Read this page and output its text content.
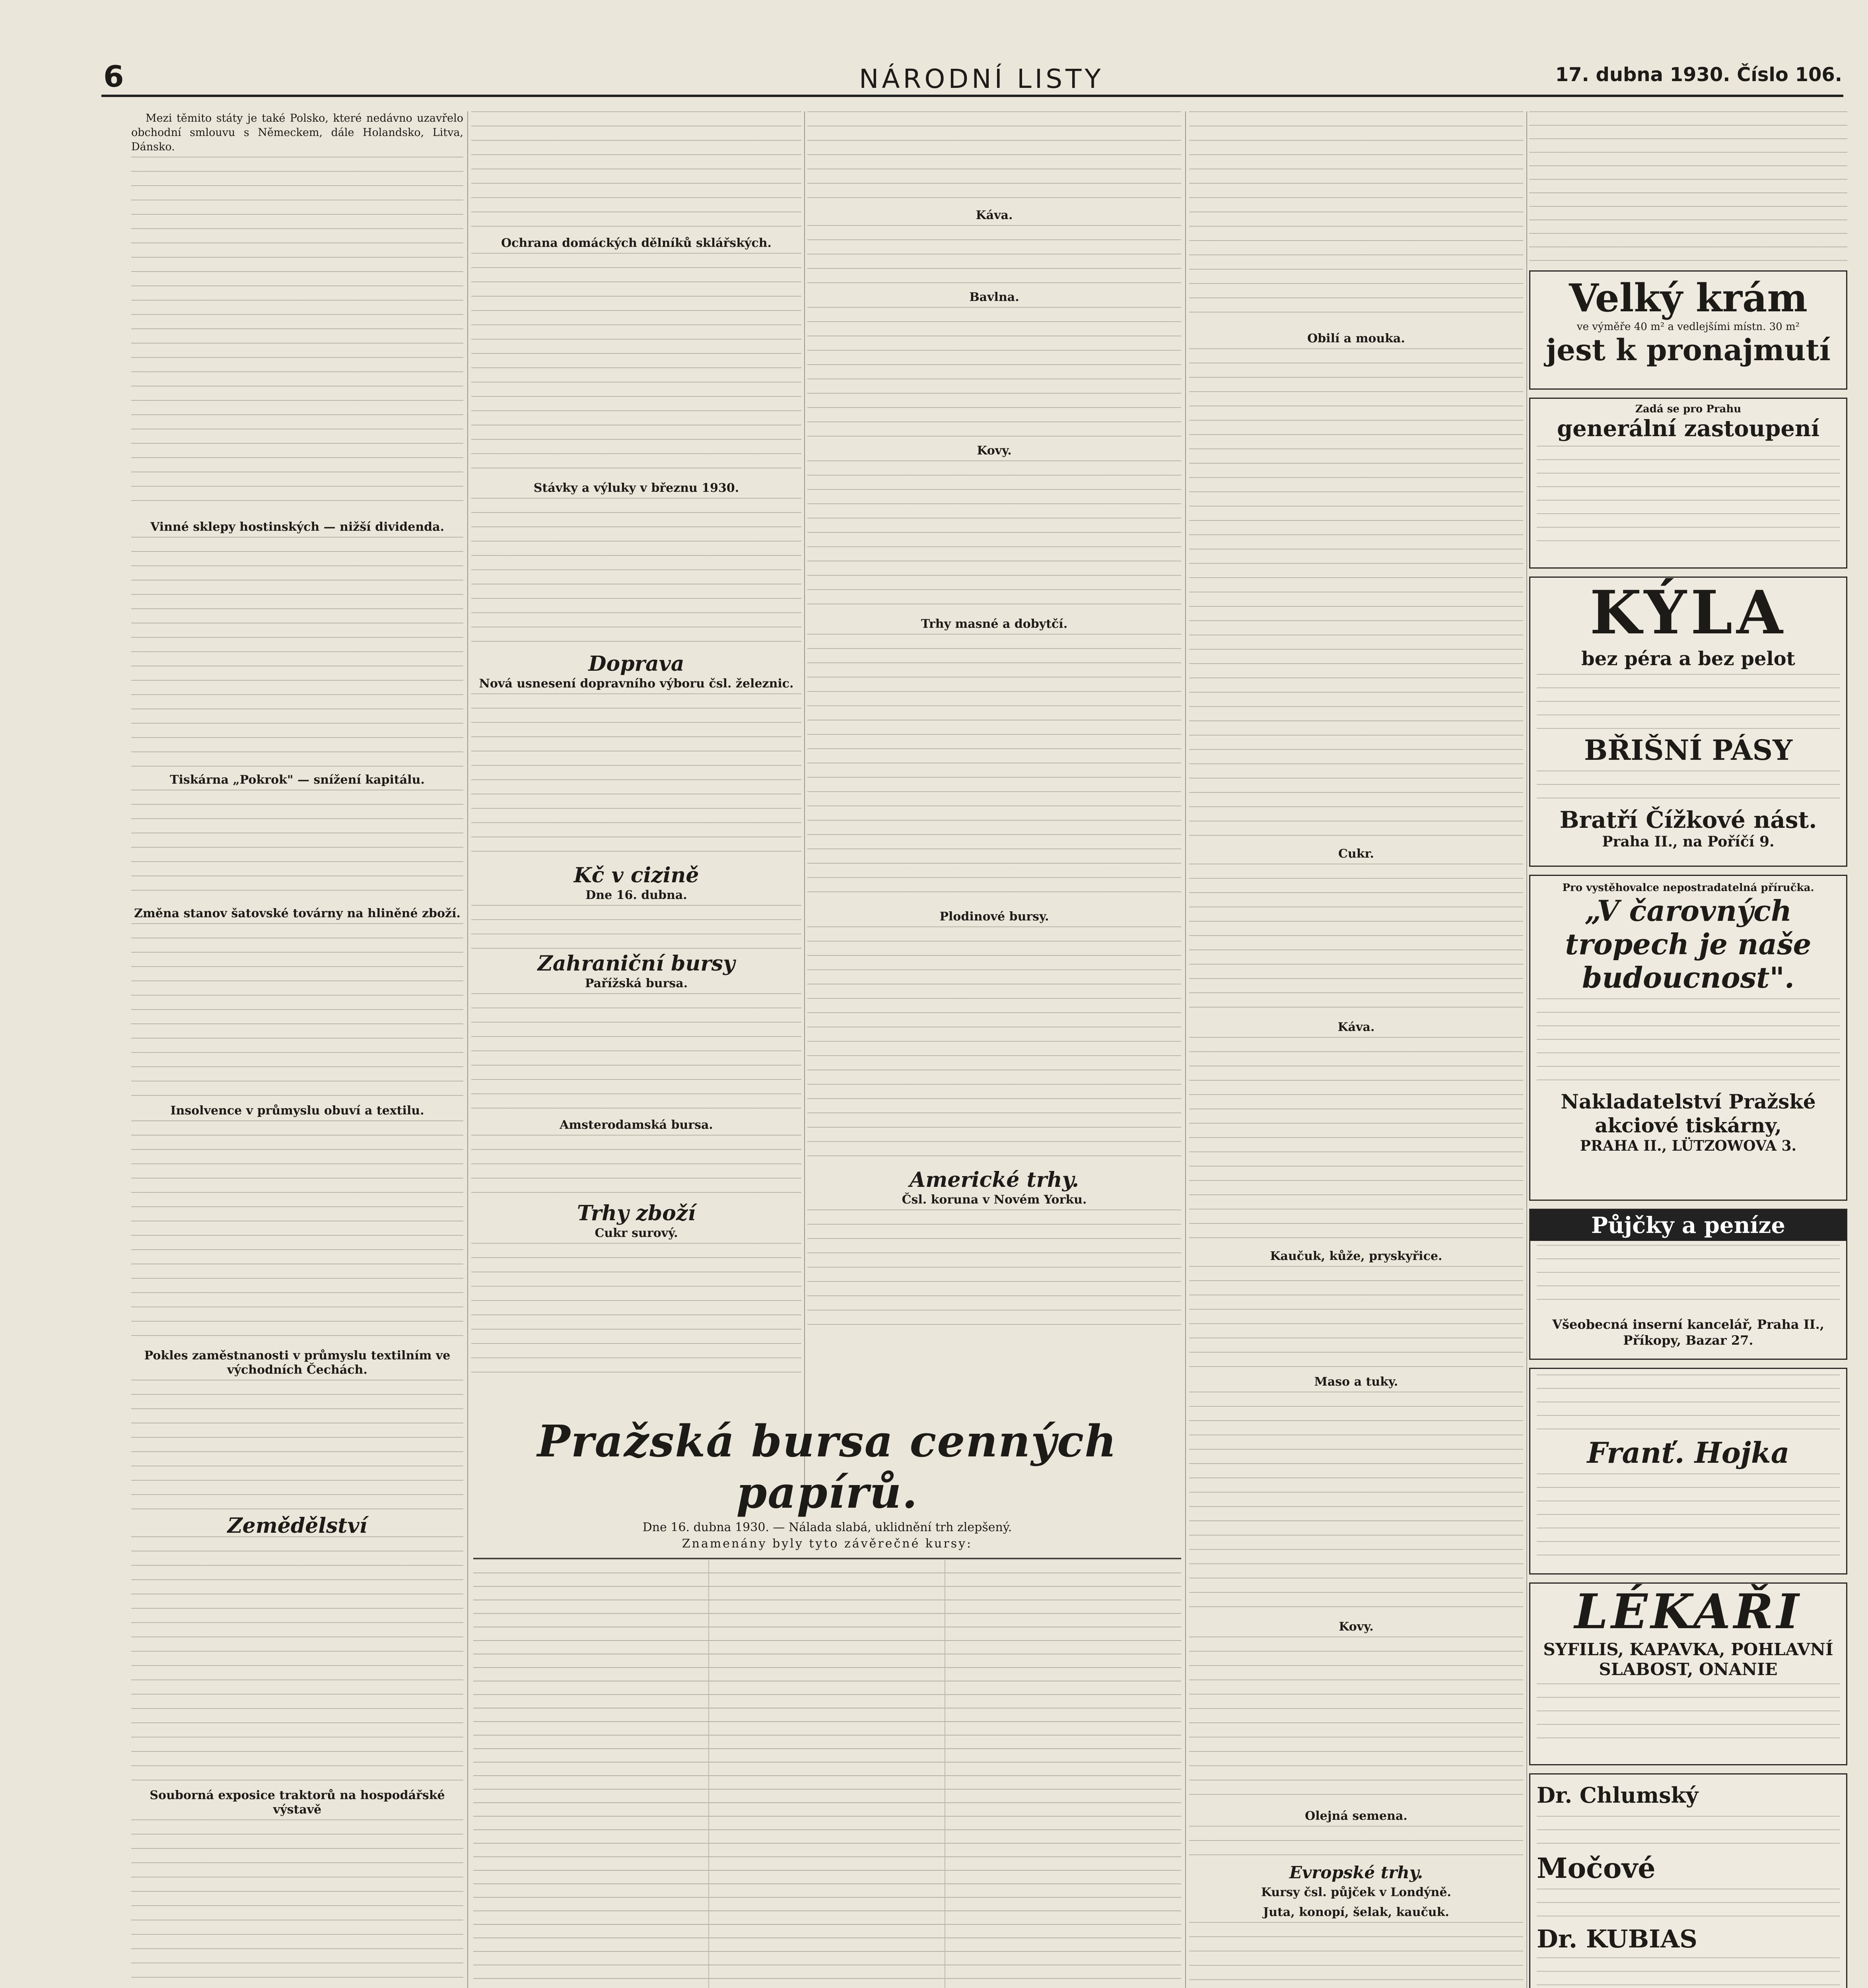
6	NÁRODNÍ LISTY	17. dubna 1930. Číslo 106.

Mezi těmito státy je také Polsko, které nedávno uzavřelo obchodní smlouvu s Německem, dále Holandsko, Litva, Dánsko.

Vinné sklepy hostinských — nižší dividenda.
Tiskárna „Pokrok" — snížení kapitálu.
Změna stanov šatovské továrny na hliněné zboží.
Insolvence v průmyslu obuví a textilu.
Pokles zaměstnanosti v průmyslu textilním ve východních Čechách.
Zemědělství
Souborná exposice traktorů na hospodářské výstavě
Ochrana domáckých dělníků sklářských.
Stávky a výluky v březnu 1930.
Doprava
Nová usnesení dopravního výboru čsl. železnic.
Kč v cizině
Dne 16. dubna.
Zahraniční bursy
Pařížská bursa.
Amsterodamská bursa.
Trhy zboží
Cukr surový.
Káva.
Bavlna.
Kovy.
Trhy masné a dobytčí.
Plodinové bursy.
Americké trhy.
Čsl. koruna v Novém Yorku.
Obilí a mouka.
Cukr.
Káva.
Kaučuk, kůže, pryskyřice.
Maso a tuky.
Kovy.
Olejná semena.
Evropské trhy.
Kursy čsl. půjček v Londýně.
Juta, konopí, šelak, kaučuk.
Pražská bursa cenných papírů.
Dne 16. dubna 1930. — Nálada slabá, uklidnění trh zlepšený.
Znamenány byly tyto závěrečné kursy:
Velký krám
ve výměře 40 m² a vedlejšími místn. 30 m²
jest k pronajmutí
Zadá se pro Prahu
generální zastoupení
KÝLA
bez péra a bez pelot
BŘIŠNÍ PÁSY
Bratří Čížkové nást.
Praha II., na Poříčí 9.
Pro vystěhovalce nepostradatelná příručka.
„V čarovných tropech je naše budoucnost".
Nakladatelství Pražské akciové tiskárny,
PRAHA II., LÜTZOWOVA 3.
Půjčky a peníze
Všeobecná inserní kancelář, Praha II., Příkopy, Bazar 27.
Franť. Hojka
LÉKAŘI
SYFILIS, KAPAVKA, POHLAVNÍ SLABOST, ONANIE
Dr. Chlumský
Močové
Dr. KUBIAS
